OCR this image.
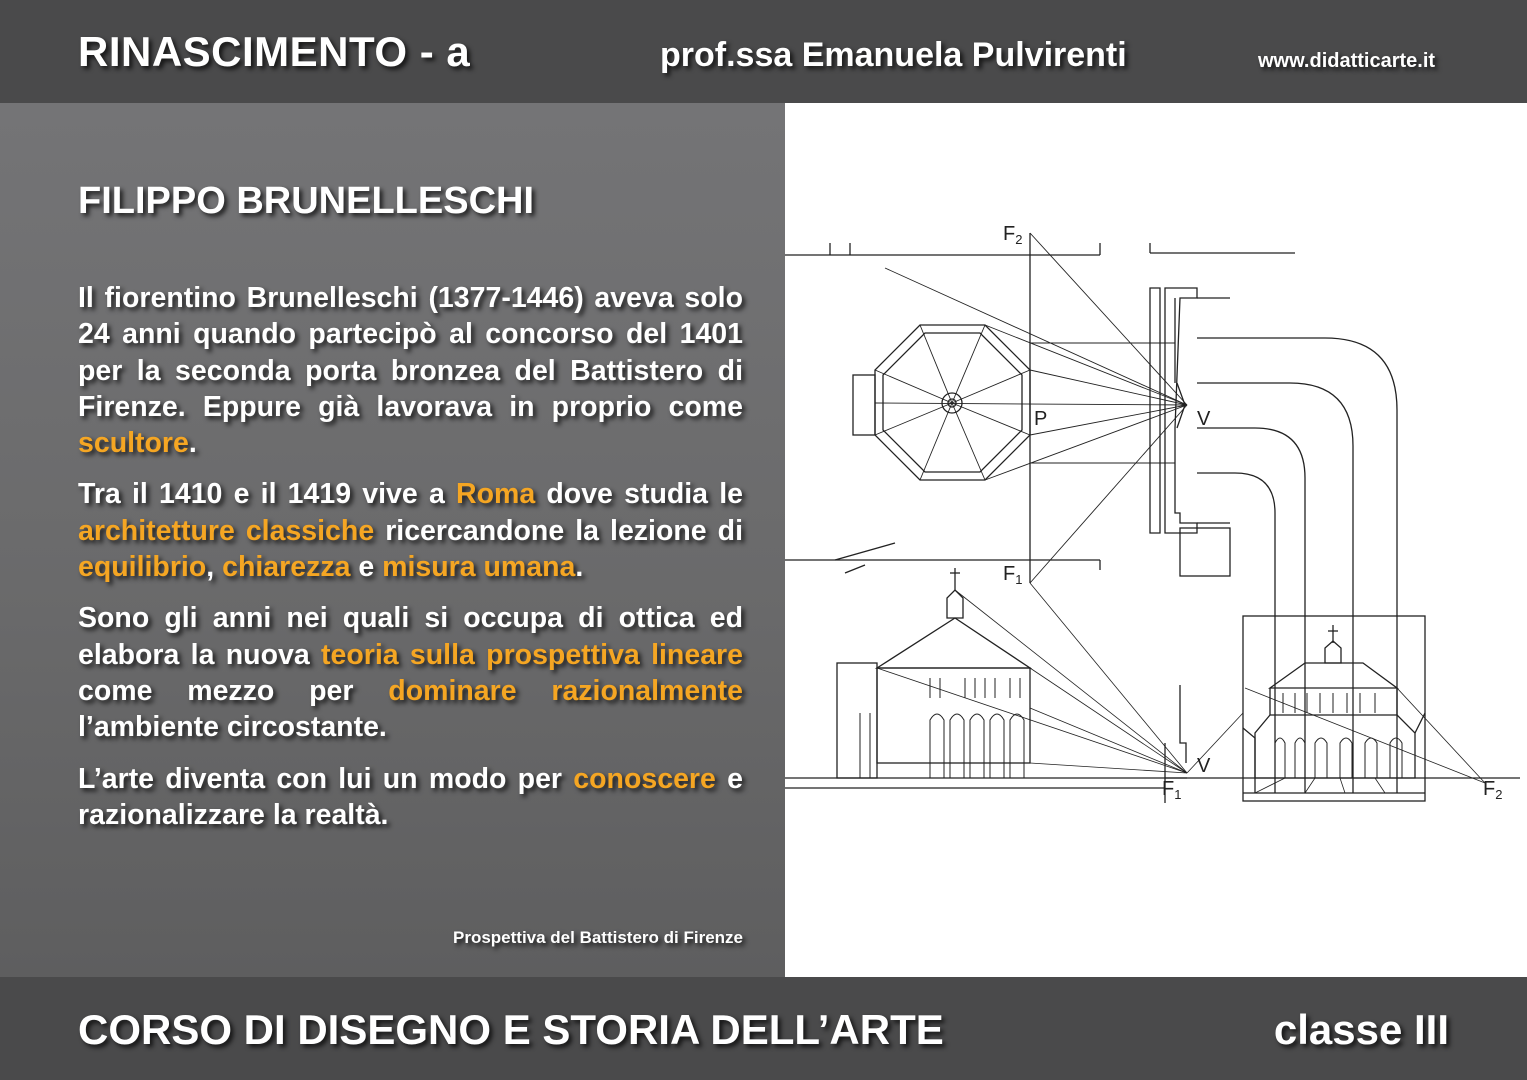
RINASCIMENTO - a	prof.ssa Emanuela Pulvirenti	www.didatticarte.it
FILIPPO BRUNELLESCHI

Il fiorentino Brunelleschi (1377-1446) aveva solo 24 anni quando partecipò al concorso del 1401 per la seconda porta bronzea del Battistero di Firenze. Eppure già lavorava in proprio come scultore.

Tra il 1410 e il 1419 vive a Roma dove studia le architetture classiche ricercandone la lezione di equilibrio, chiarezza e misura umana.

Sono gli anni nei quali si occupa di ottica ed elabora la nuova teoria sulla prospettiva lineare come mezzo per dominare razionalmente l’ambiente circostante.

L’arte diventa con lui un modo per conoscere e razionalizzare la realtà.

Prospettiva del Battistero di Firenze
$F_2$
P	V
$F_1$
V
$F_1$	$F_2$
CORSO DI DISEGNO E STORIA DELL’ARTE	classe III
